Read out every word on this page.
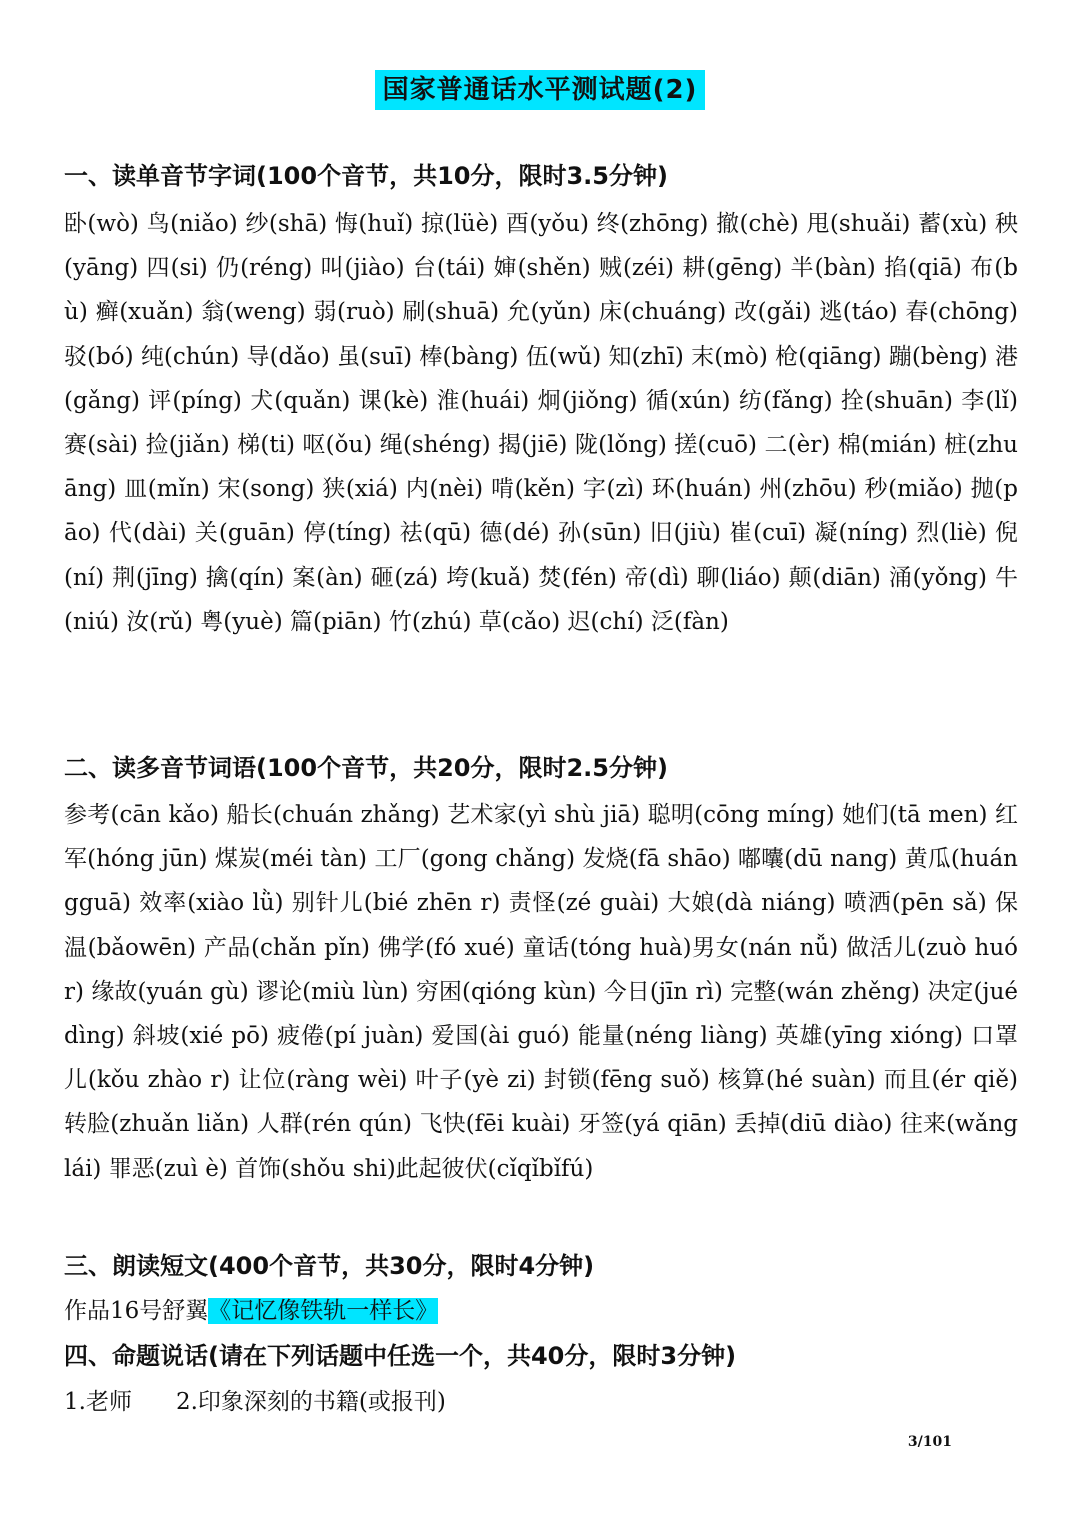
国家普通话水平测试题(2)
一、读单音节字词(100个音节，共10分，限时3.5分钟)
卧(wò) 鸟(niǎo) 纱(shā) 悔(huǐ) 掠(lüè) 酉(yǒu) 终(zhōng) 撤(chè) 甩(shuǎi) 蓄(xù) 秧(yāng) 四(si) 仍(réng) 叫(jiào) 台(tái) 婶(shěn) 贼(zéi) 耕(gēng) 半(bàn) 掐(qiā) 布(bù) 癣(xuǎn) 翁(weng) 弱(ruò) 刷(shuā) 允(yǔn) 床(chuáng) 改(gǎi) 逃(táo) 春(chōng) 驳(bó) 纯(chún) 导(dǎo) 虽(suī) 棒(bàng) 伍(wǔ) 知(zhī) 末(mò) 枪(qiāng) 蹦(bèng) 港(gǎng) 评(píng) 犬(quǎn) 课(kè) 淮(huái) 炯(jiǒng) 循(xún) 纺(fǎng) 拴(shuān) 李(lǐ) 赛(sài) 捡(jiǎn) 梯(ti) 呕(ǒu) 绳(shéng) 揭(jiē) 陇(lǒng) 搓(cuō) 二(èr) 棉(mián) 桩(zhuāng) 皿(mǐn) 宋(song) 狭(xiá) 内(nèi) 啃(kěn) 字(zì) 环(huán) 州(zhōu) 秒(miǎo) 抛(pāo) 代(dài) 关(guān) 停(tíng) 祛(qū) 德(dé) 孙(sūn) 旧(jiù) 崔(cuī) 凝(níng) 烈(liè) 倪(ní) 荆(jīng) 擒(qín) 案(àn) 砸(zá) 垮(kuǎ) 焚(fén) 帝(dì) 聊(liáo) 颠(diān) 涌(yǒng) 牛(niú) 汝(rǔ) 粤(yuè) 篇(piān) 竹(zhú) 草(cǎo) 迟(chí) 泛(fàn)
二、读多音节词语(100个音节，共20分，限时2.5分钟)
参考(cān kǎo) 船长(chuán zhǎng) 艺术家(yì shù jiā) 聪明(cōng míng) 她们(tā men) 红军(hóng jūn) 煤炭(méi tàn) 工厂(gong chǎng) 发烧(fā shāo) 嘟囔(dū nang) 黄瓜(huángguā) 效率(xiào lǜ) 别针儿(bié zhēn r) 责怪(zé guài) 大娘(dà niáng) 喷洒(pēn sǎ) 保温(bǎowēn) 产品(chǎn pǐn) 佛学(fó xué) 童话(tóng huà)男女(nán nǚ) 做活儿(zuò huó r) 缘故(yuán gù) 谬论(miù lùn) 穷困(qióng kùn) 今日(jīn rì) 完整(wán zhěng) 决定(jué dìng) 斜坡(xié pō) 疲倦(pí juàn) 爱国(ài guó) 能量(néng liàng) 英雄(yīng xióng) 口罩儿(kǒu zhào r) 让位(ràng wèi) 叶子(yè zi) 封锁(fēng suǒ) 核算(hé suàn) 而且(ér qiě) 转脸(zhuǎn liǎn) 人群(rén qún) 飞快(fēi kuài) 牙签(yá qiān) 丢掉(diū diào) 往来(wǎng lái) 罪恶(zuì è) 首饰(shǒu shi)此起彼伏(cǐqǐbǐfú)
三、朗读短文(400个音节，共30分，限时4分钟)
作品16号舒翼《记忆像铁轨一样长》
四、命题说话(请在下列话题中任选一个，共40分，限时3分钟)
1.老师 2.印象深刻的书籍(或报刊)
3/101
